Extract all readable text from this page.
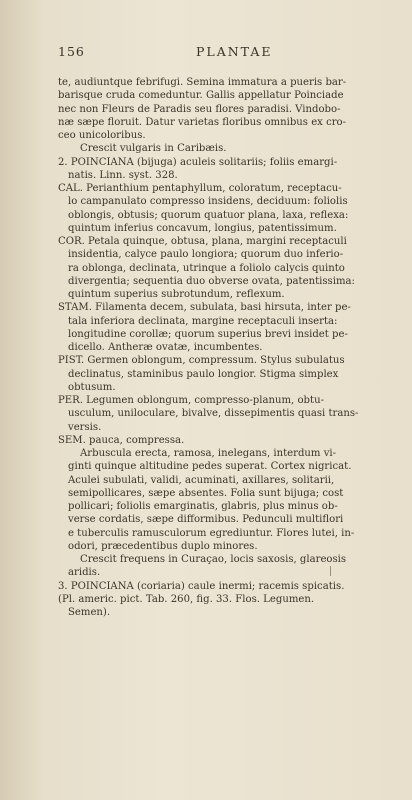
156	PLANTAE
te, audiuntque febrifugi. Semina immatura a pueris bar-
barisque cruda comeduntur. Gallis appellatur Poinciade
nec non Fleurs de Paradis seu flores paradisi. Vindobo-
næ sæpe floruit. Datur varietas floribus omnibus ex cro-
ceo unicoloribus.
Crescit vulgaris in Caribæis.
2. POINCIANA (bijuga) aculeis solitariis; foliis emargi-
natis. Linn. syst. 328.
CAL. Perianthium pentaphyllum, coloratum, receptacu-
lo campanulato compresso insidens, deciduum: foliolis
oblongis, obtusis; quorum quatuor plana, laxa, reflexa:
quintum inferius concavum, longius, patentissimum.
COR. Petala quinque, obtusa, plana, margini receptaculi
insidentia, calyce paulo longiora; quorum duo inferio-
ra oblonga, declinata, utrinque a foliolo calycis quinto
divergentia; sequentia duo obverse ovata, patentissima:
quintum superius subrotundum, reflexum.
STAM. Filamenta decem, subulata, basi hirsuta, inter pe-
tala inferiora declinata, margine receptaculi inserta:
longitudine corollæ; quorum superius brevi insidet pe-
dicello. Antheræ ovatæ, incumbentes.
PIST. Germen oblongum, compressum. Stylus subulatus
declinatus, staminibus paulo longior. Stigma simplex
obtusum.
PER. Legumen oblongum, compresso-planum, obtu-
usculum, uniloculare, bivalve, dissepimentis quasi trans-
versis.
SEM. pauca, compressa.
Arbuscula erecta, ramosa, inelegans, interdum vi-
ginti quinque altitudine pedes superat. Cortex nigricat.
Aculei subulati, validi, acuminati, axillares, solitarii,
semipollicares, sæpe absentes. Folia sunt bijuga; cost
pollicari; foliolis emarginatis, glabris, plus minus ob-
verse cordatis, sæpe difformibus. Pedunculi multiflori
e tuberculis ramusculorum egrediuntur. Flores lutei, in-
odori, præcedentibus duplo minores.
Crescit frequens in Curaçao, locis saxosis, glareosis
aridis.
3. POINCIANA (coriaria) caule inermi; racemis spicatis.
(Pl. americ. pict. Tab. 260, fig. 33. Flos. Legumen.
Semen).
